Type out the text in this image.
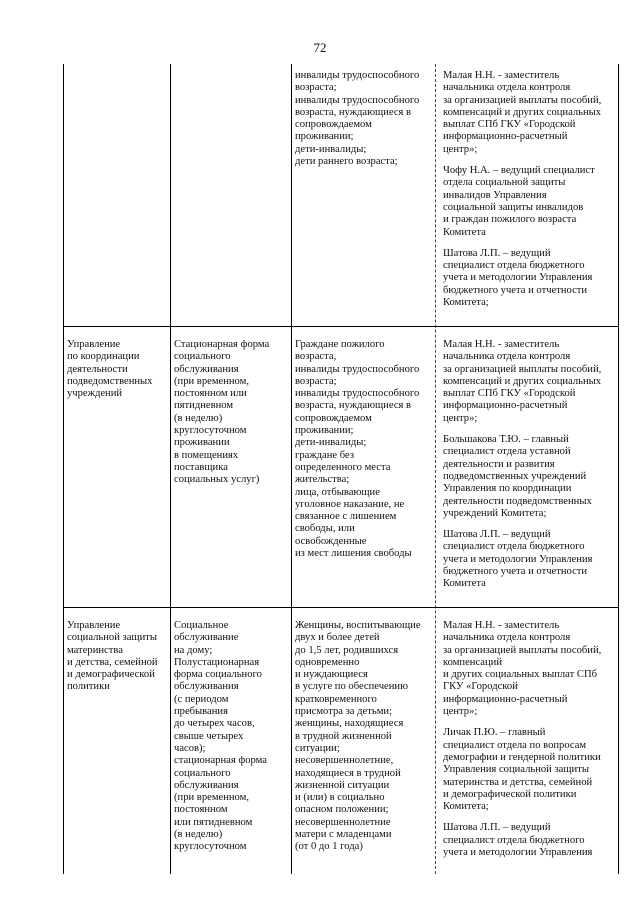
72
инвалиды трудоспособного
возраста;
инвалиды трудоспособного
возраста, нуждающиеся в
сопровождаемом
проживании;
дети-инвалиды;
дети раннего возраста;
Малая Н.Н. - заместитель
начальника отдела контроля
за организацией выплаты пособий,
компенсаций и других социальных
выплат СПб ГКУ «Городской
информационно-расчетный
центр»;
Чофу Н.А. – ведущий специалист
отдела социальной защиты
инвалидов Управления
социальной защиты инвалидов
и граждан пожилого возраста
Комитета
Шатова Л.П. – ведущий
специалист отдела бюджетного
учета и методологии Управления
бюджетного учета и отчетности
Комитета;
Управление
по координации
деятельности
подведомственных
учреждений
Стационарная форма
социального
обслуживания
(при временном,
постоянном или
пятидневном
(в неделю)
круглосуточном
проживании
в помещениях
поставщика
социальных услуг)
Граждане пожилого
возраста,
инвалиды трудоспособного
возраста;
инвалиды трудоспособного
возраста, нуждающиеся в
сопровождаемом
проживании;
дети-инвалиды;
граждане без
определенного места
жительства;
лица, отбывающие
уголовное наказание, не
связанное с лишением
свободы, или
освобожденные
из мест лишения свободы
Малая Н.Н. - заместитель
начальника отдела контроля
за организацией выплаты пособий,
компенсаций и других социальных
выплат СПб ГКУ «Городской
информационно-расчетный
центр»;
Большакова Т.Ю. – главный
специалист отдела уставной
деятельности и развития
подведомственных учреждений
Управления по координации
деятельности подведомственных
учреждений Комитета;
Шатова Л.П. – ведущий
специалист отдела бюджетного
учета и методологии Управления
бюджетного учета и отчетности
Комитета
Управление
социальной защиты
материнства
и детства, семейной
и демографической
политики
Социальное
обслуживание
на дому;
Полустационарная
форма социального
обслуживания
(с периодом
пребывания
до четырех часов,
свыше четырех
часов);
стационарная форма
социального
обслуживания
(при временном,
постоянном
или пятидневном
(в неделю)
круглосуточном
Женщины, воспитывающие
двух и более детей
до 1,5 лет, родившихся
одновременно
и нуждающиеся
в услуге по обеспечению
кратковременного
присмотра за детьми;
женщины, находящиеся
в трудной жизненной
ситуации;
несовершеннолетние,
находящиеся в трудной
жизненной ситуации
и (или) в социально
опасном положении;
несовершеннолетние
матери с младенцами
(от 0 до 1 года)
Малая Н.Н. - заместитель
начальника отдела контроля
за организацией выплаты пособий,
компенсаций
и других социальных выплат СПб
ГКУ «Городской
информационно-расчетный
центр»;
Личак П.Ю. – главный
специалист отдела по вопросам
демографии и гендерной политики
Управления социальной защиты
материнства и детства, семейной
и демографической политики
Комитета;
Шатова Л.П. – ведущий
специалист отдела бюджетного
учета и методологии Управления
